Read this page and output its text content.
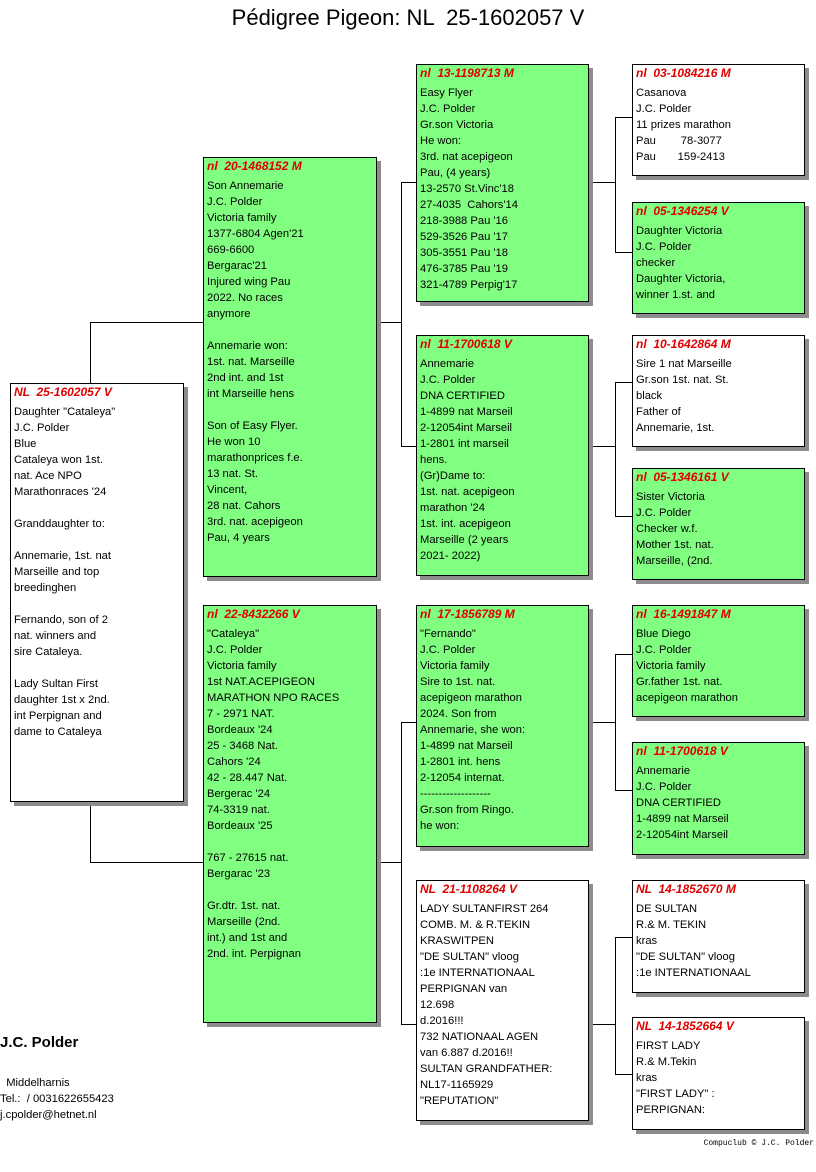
Pédigree Pigeon: NL  25-1602057 V
NL  25-1602057 V
Daughter "Cataleya"
J.C. Polder
Blue
Cataleya won 1st.
nat. Ace NPO
Marathonraces '24

Granddaughter to:

Annemarie, 1st. nat
Marseille and top
breedinghen

Fernando, son of 2
nat. winners and
sire Cataleya.

Lady Sultan First
daughter 1st x 2nd.
int Perpignan and
dame to Cataleya
nl  20-1468152 M
Son Annemarie
J.C. Polder
Victoria family
1377-6804 Agen'21
669-6600
Bergarac'21
Injured wing Pau
2022. No races
anymore

Annemarie won:
1st. nat. Marseille
2nd int. and 1st
int Marseille hens

Son of Easy Flyer.
He won 10
marathonprices f.e.
13 nat. St.
Vincent,
28 nat. Cahors
3rd. nat. acepigeon
Pau, 4 years
nl  22-8432266 V
"Cataleya"
J.C. Polder
Victoria family
1st NAT.ACEPIGEON
MARATHON NPO RACES
7 - 2971 NAT.
Bordeaux '24
25 - 3468 Nat.
Cahors '24
42 - 28.447 Nat.
Bergerac '24
74-3319 nat.
Bordeaux '25

767 - 27615 nat.
Bergarac '23

Gr.dtr. 1st. nat.
Marseille (2nd.
int.) and 1st and
2nd. int. Perpignan
nl  13-1198713 M
Easy Flyer
J.C. Polder
Gr.son Victoria
He won:
3rd. nat acepigeon
Pau, (4 years)
13-2570 St.Vinc'18
27-4035  Cahors'14
218-3988 Pau '16
529-3526 Pau '17
305-3551 Pau '18
476-3785 Pau '19
321-4789 Perpig'17
nl  11-1700618 V
Annemarie
J.C. Polder
DNA CERTIFIED
1-4899 nat Marseil
2-12054int Marseil
1-2801 int marseil
hens.
(Gr)Dame to:
1st. nat. acepigeon
marathon '24
1st. int. acepigeon
Marseille (2 years
2021- 2022)
nl  17-1856789 M
"Fernando"
J.C. Polder
Victoria family
Sire to 1st. nat.
acepigeon marathon
2024. Son from
Annemarie, she won:
1-4899 nat Marseil
1-2801 int. hens
2-12054 internat.
-------------------
Gr.son from Ringo.
he won:
NL  21-1108264 V
LADY SULTANFIRST 264
COMB. M. & R.TEKIN
KRASWITPEN
"DE SULTAN" vloog
:1e INTERNATIONAAL
PERPIGNAN van
12.698
d.2016!!!
732 NATIONAAL AGEN
van 6.887 d.2016!!
SULTAN GRANDFATHER:
NL17-1165929
"REPUTATION"
nl  03-1084216 M
Casanova
J.C. Polder
11 prizes marathon
Pau        78-3077
Pau       159-2413
nl  05-1346254 V
Daughter Victoria
J.C. Polder
checker
Daughter Victoria,
winner 1.st. and
nl  10-1642864 M
Sire 1 nat Marseille
Gr.son 1st. nat. St.
black
Father of
Annemarie, 1st.
nl  05-1346161 V
Sister Victoria
J.C. Polder
Checker w.f.
Mother 1st. nat.
Marseille, (2nd.
nl  16-1491847 M
Blue Diego
J.C. Polder
Victoria family
Gr.father 1st. nat.
acepigeon marathon
nl  11-1700618 V
Annemarie
J.C. Polder
DNA CERTIFIED
1-4899 nat Marseil
2-12054int Marseil
NL  14-1852670 M
DE SULTAN
R.& M. TEKIN
kras
"DE SULTAN" vloog
:1e INTERNATIONAAL
NL  14-1852664 V
FIRST LADY
R.& M.Tekin
kras
"FIRST LADY" :
PERPIGNAN:
J.C. Polder
Middelharnis
Tel.:  / 0031622655423
j.cpolder@hetnet.nl
Compuclub © J.C. Polder
